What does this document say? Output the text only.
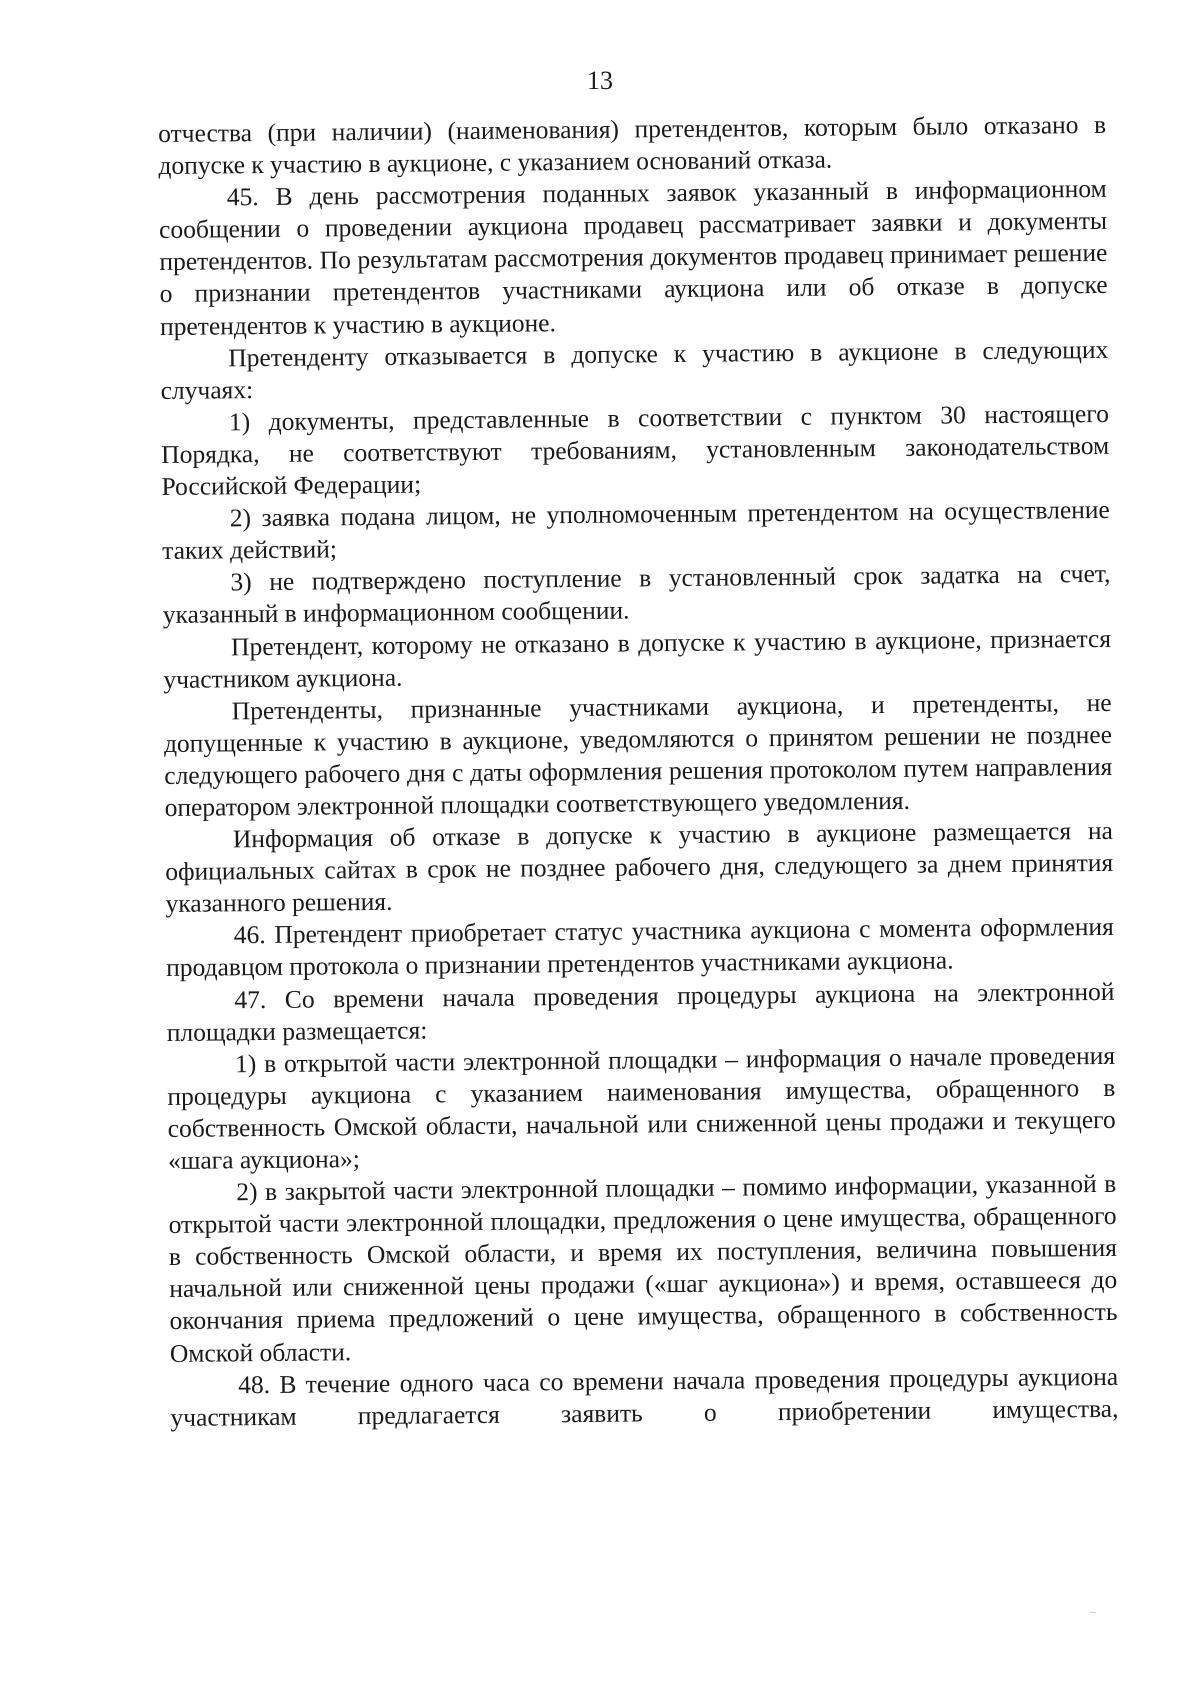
13

отчества (при наличии) (наименования) претендентов, которым было отказано в допуске к участию в аукционе, с указанием оснований отказа.

45. В день рассмотрения поданных заявок указанный в информационном сообщении о проведении аукциона продавец рассматривает заявки и документы претендентов. По результатам рассмотрения документов продавец принимает решение о признании претендентов участниками аукциона или об отказе в допуске претендентов к участию в аукционе.

Претенденту отказывается в допуске к участию в аукционе в следующих случаях:

1) документы, представленные в соответствии с пунктом 30 настоящего Порядка, не соответствуют требованиям, установленным законодательством Российской Федерации;

2) заявка подана лицом, не уполномоченным претендентом на осуществление таких действий;

3) не подтверждено поступление в установленный срок задатка на счет, указанный в информационном сообщении.

Претендент, которому не отказано в допуске к участию в аукционе, признается участником аукциона.

Претенденты, признанные участниками аукциона, и претенденты, не допущенные к участию в аукционе, уведомляются о принятом решении не позднее следующего рабочего дня с даты оформления решения протоколом путем направления оператором электронной площадки соответствующего уведомления.

Информация об отказе в допуске к участию в аукционе размещается на официальных сайтах в срок не позднее рабочего дня, следующего за днем принятия указанного решения.

46. Претендент приобретает статус участника аукциона с момента оформления продавцом протокола о признании претендентов участниками аукциона.

47. Со времени начала проведения процедуры аукциона на электронной площадки размещается:

1) в открытой части электронной площадки – информация о начале проведения процедуры аукциона с указанием наименования имущества, обращенного в собственность Омской области, начальной или сниженной цены продажи и текущего «шага аукциона»;

2) в закрытой части электронной площадки – помимо информации, указанной в открытой части электронной площадки, предложения о цене имущества, обращенного в собственность Омской области, и время их поступления, величина повышения начальной или сниженной цены продажи («шаг аукциона») и время, оставшееся до окончания приема предложений о цене имущества, обращенного в собственность Омской области.

48. В течение одного часа со времени начала проведения процедуры аукциона участникам предлагается заявить о приобретении имущества,
